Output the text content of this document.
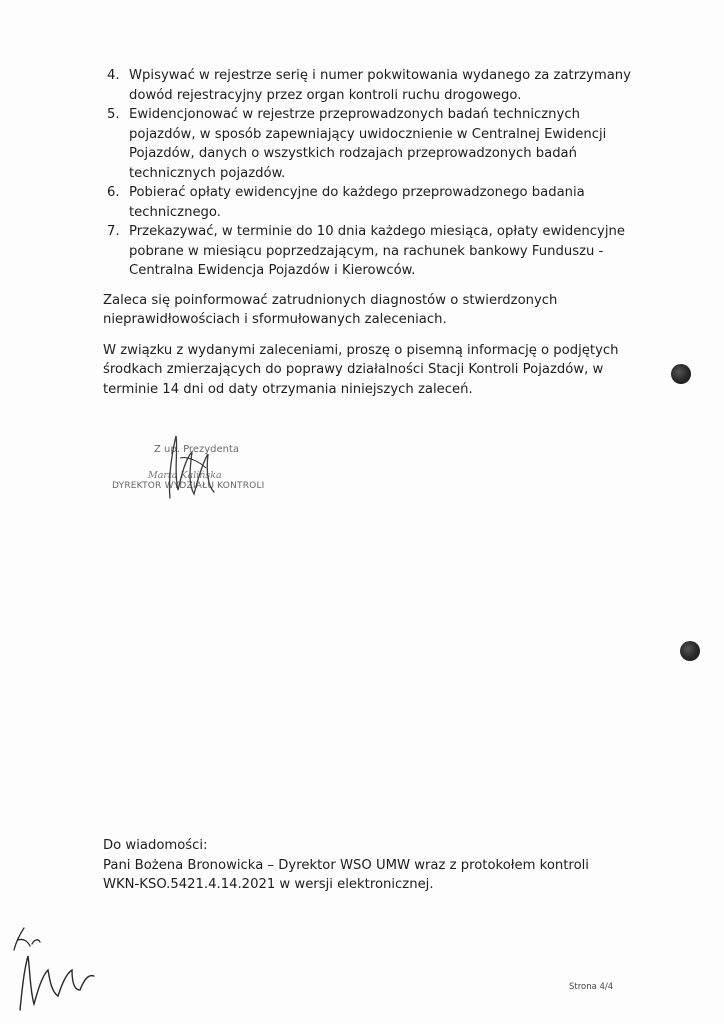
4. Wpisywać w rejestrze serię i numer pokwitowania wydanego za zatrzymany dowód rejestracyjny przez organ kontroli ruchu drogowego.
5. Ewidencjonować w rejestrze przeprowadzonych badań technicznych pojazdów, w sposób zapewniający uwidocznienie w Centralnej Ewidencji Pojazdów, danych o wszystkich rodzajach przeprowadzonych badań technicznych pojazdów.
6. Pobierać opłaty ewidencyjne do każdego przeprowadzonego badania technicznego.
7. Przekazywać, w terminie do 10 dnia każdego miesiąca, opłaty ewidencyjne pobrane w miesiącu poprzedzającym, na rachunek bankowy Funduszu - Centralna Ewidencja Pojazdów i Kierowców.

Zaleca się poinformować zatrudnionych diagnostów o stwierdzonych nieprawidłowościach i sformułowanych zaleceniach.

W związku z wydanymi zaleceniami, proszę o pisemną informację o podjętych środkach zmierzających do poprawy działalności Stacji Kontroli Pojazdów, w terminie 14 dni od daty otrzymania niniejszych zaleceń.

Z up. Prezydenta
Marta Kalińska
DYREKTOR WYDZIAŁU KONTROLI

Do wiadomości:

Pani Bożena Bronowicka – Dyrektor WSO UMW wraz z protokołem kontroli

WKN-KSO.5421.4.14.2021 w wersji elektronicznej.

Strona 4/4
